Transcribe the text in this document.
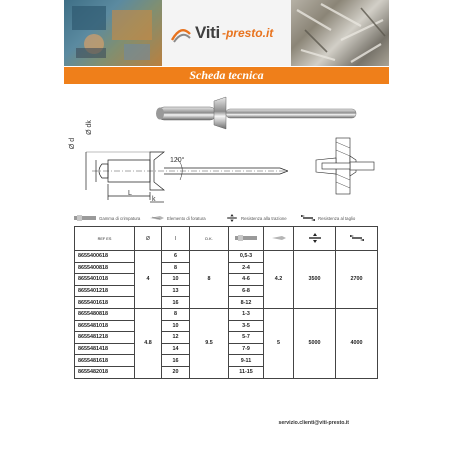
Viti -presto.it
Scheda tecnica
120°
Ø d
Ø dk
k
L
Gamma di crimpatura	Elemento di foratura	Resistenza alla trazione	Resistenza al taglio
REF ES	Ø	l	D.K.				
8655400618	4	6	8	0,5-3	4.2	3500	2700
8655400818		8		2-4			
8655401018		10		4-6			
8655401218		13		6-8			
8655401618		16		8-12			
8655480818	4.8	8	9.5	1-3	5	5000	4000
8655481018		10		3-5			
8655481218		12		5-7			
8655481418		14		7-9			
8655481618		16		9-11			
8655482018		20		11-15			
servizio.clienti@viti-presto.it
